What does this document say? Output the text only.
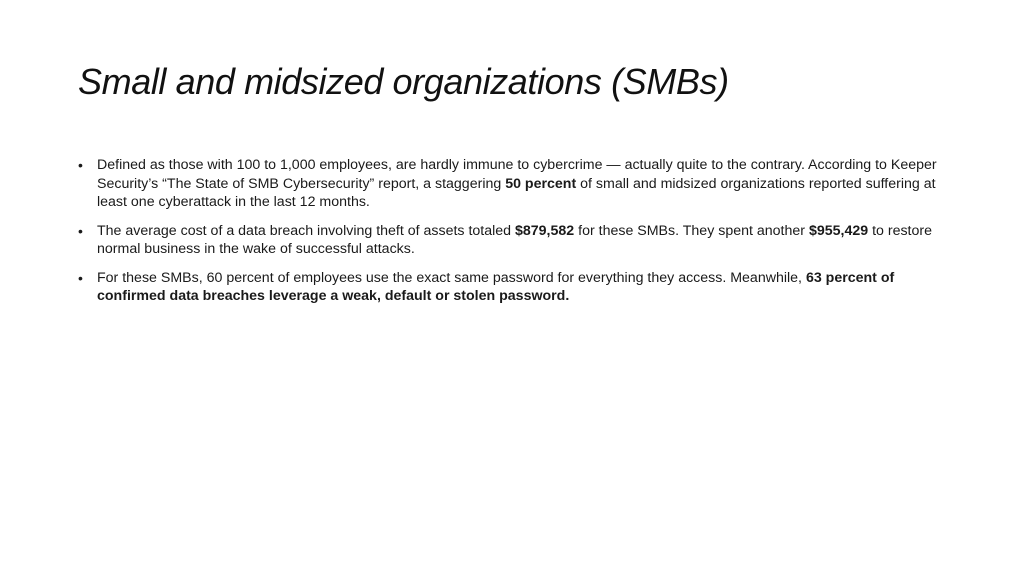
Small and midsized organizations (SMBs)
• Defined as those with 100 to 1,000 employees, are hardly immune to cybercrime — actually quite to the contrary. According to Keeper Security’s “The State of SMB Cybersecurity” report, a staggering 50 percent of small and midsized organizations reported suffering at least one cyberattack in the last 12 months.
• The average cost of a data breach involving theft of assets totaled $879,582 for these SMBs. They spent another $955,429 to restore normal business in the wake of successful attacks.
• For these SMBs, 60 percent of employees use the exact same password for everything they access. Meanwhile, 63 percent of confirmed data breaches leverage a weak, default or stolen password.
